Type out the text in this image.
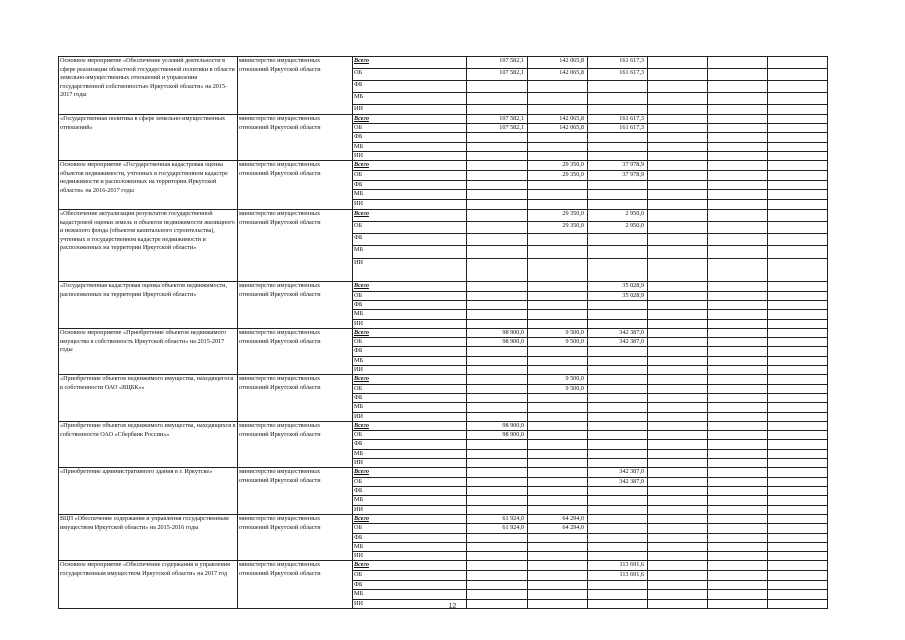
Основное мероприятие «Обеспечение условий деятельности в сфере реализации областной государственной политики в области земельно-имущественных отношений и управления государственной собственностью Иркутской области» на 2015-2017 годы	министерство имущественных отношений Иркутской области	Всего	107 582,1	142 065,8	161 617,3			
		ОБ	107 582,1	142 065,8	161 617,3			
		ФБ						
		МБ						
		ИИ						
«Государственная политика в сфере земельно-имущественных отношений»	министерство имущественных отношений Иркутской области	Всего	107 582,1	142 065,8	161 617,3			
		ОБ	107 582,1	142 065,8	161 617,3			
		ФБ						
		МБ						
		ИИ						
Основное мероприятие «Государственная кадастровая оценка объектов недвижимости, учтенных в государственном кадастре недвижимости и расположенных на территории Иркутской области» на 2016-2017 годы	министерство имущественных отношений Иркутской области	Всего		29 350,0	37 978,9			
		ОБ		29 350,0	37 978,9			
		ФБ						
		МБ						
		ИИ						
«Обеспечение актуализации результатов государственной кадастровой оценки земель и объектов недвижимости жилищного и нежилого фонда (объектов капитального строительства), учтенных в государственном кадастре недвижимости и расположенных на территории Иркутской области»	министерство имущественных отношений Иркутской области	Всего		29 350,0	2 950,0			
		ОБ		29 350,0	2 950,0			
		ФБ						
		МБ						
		ИИ						
«Государственная кадастровая оценка объектов недвижимости, расположенных на территории Иркутской области»	министерство имущественных отношений Иркутской области	Всего			35 028,9			
		ОБ			35 028,9			
		ФБ						
		МБ						
		ИИ						
Основное мероприятие «Приобретение объектов недвижимого имущества в собственность Иркутской области» на 2015-2017 годы	министерство имущественных отношений Иркутской области	Всего	98 900,0	9 500,0	342 387,0			
		ОБ	98 900,0	9 500,0	342 387,0			
		ФБ						
		МБ						
		ИИ						
«Приобретение объектов недвижимого имущества, находящегося в собственности ОАО «ВЦБК»»	министерство имущественных отношений Иркутской области	Всего		9 500,0				
		ОБ		9 500,0				
		ФБ						
		МБ						
		ИИ						
«Приобретение объектов недвижимого имущества, находящихся в собственности ОАО «Сбербанк России»»	министерство имущественных отношений Иркутской области	Всего	98 900,0					
		ОБ	98 900,0					
		ФБ						
		МБ						
		ИИ						
«Приобретение административного здания в г. Иркутске»	министерство имущественных отношений Иркутской области	Всего			342 387,0			
		ОБ			342 387,0			
		ФБ						
		МБ						
		ИИ						
ВЦП «Обеспечение содержания и управления государственным имуществом Иркутской области» на 2015-2016 годы	министерство имущественных отношений Иркутской области	Всего	61 924,0	64 294,0				
		ОБ	61 924,0	64 294,0				
		ФБ						
		МБ						
		ИИ						
Основное мероприятие «Обеспечение содержания и управления государственным имуществом Иркутской области» на 2017 год	министерство имущественных отношений Иркутской области	Всего			113 691,6			
		ОБ			113 691,6			
		ФБ						
		МБ						
		ИИ							12
